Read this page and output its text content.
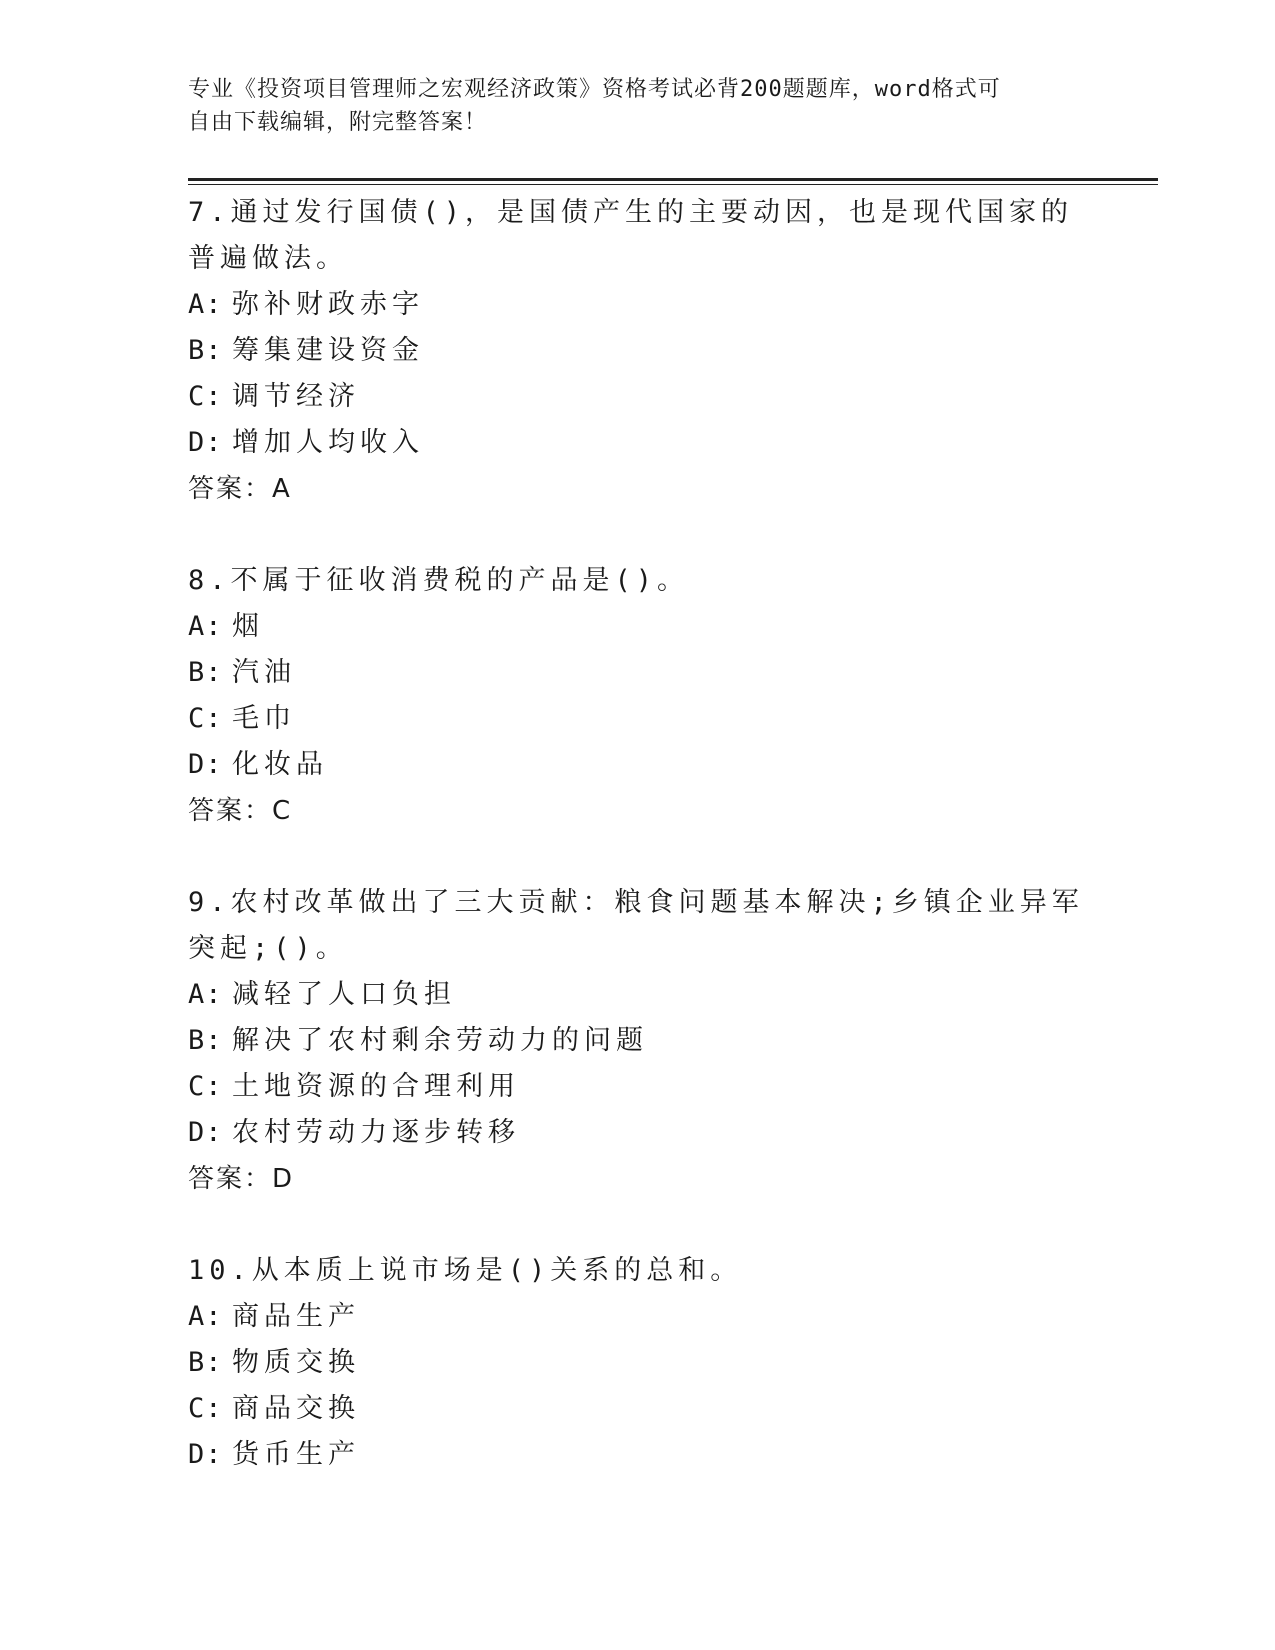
专业《投资项目管理师之宏观经济政策》资格考试必背200题题库，word格式可
自由下载编辑，附完整答案！

7.通过发行国债()，是国债产生的主要动因，也是现代国家的普遍做法。

A: 弥补财政赤字
B: 筹集建设资金
C: 调节经济
D: 增加人均收入
答案：A

8.不属于征收消费税的产品是()。

A: 烟
B: 汽油
C: 毛巾
D: 化妆品
答案：C

9.农村改革做出了三大贡献：粮食问题基本解决;乡镇企业异军突起;()。

A: 减轻了人口负担
B: 解决了农村剩余劳动力的问题
C: 土地资源的合理利用
D: 农村劳动力逐步转移
答案：D

10.从本质上说市场是()关系的总和。

A: 商品生产
B: 物质交换
C: 商品交换
D: 货币生产
